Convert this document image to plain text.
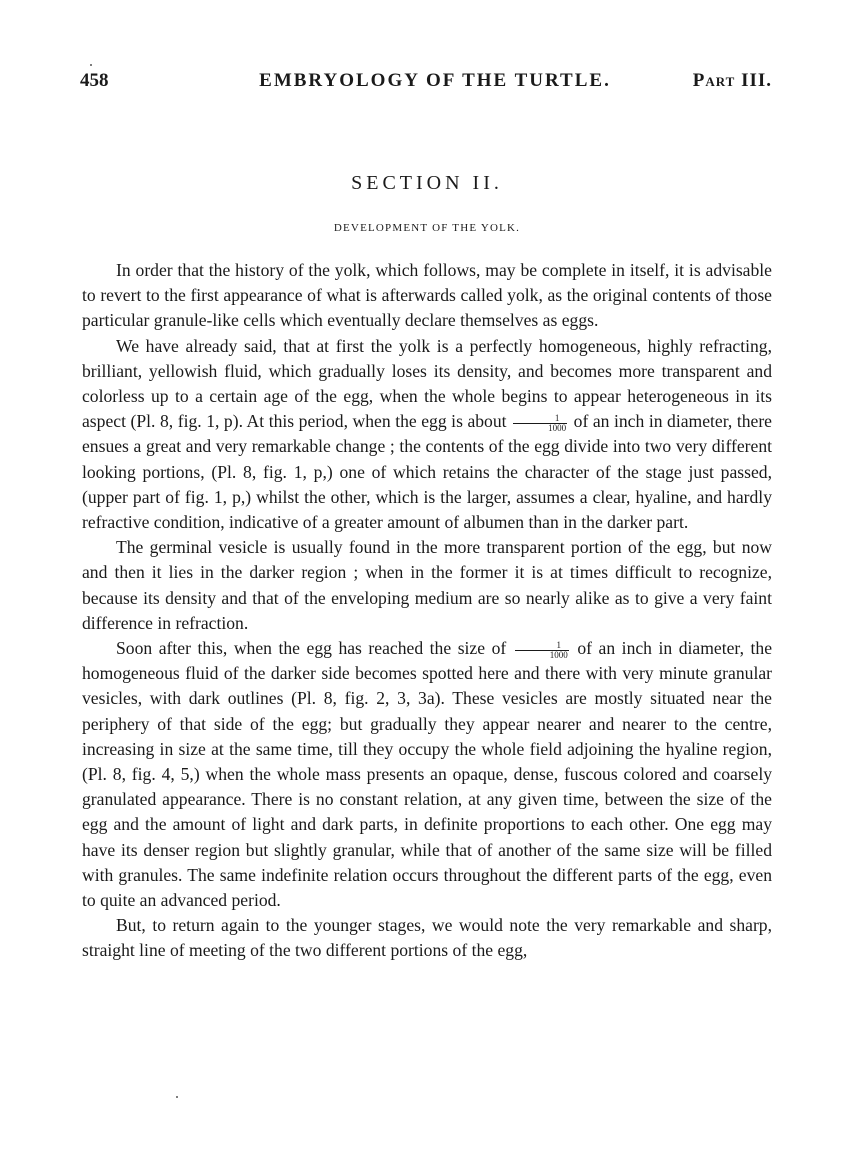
458	EMBRYOLOGY OF THE TURTLE.	Part III.
SECTION II.
DEVELOPMENT OF THE YOLK.

In order that the history of the yolk, which follows, may be complete in itself, it is advisable to revert to the first appearance of what is afterwards called yolk, as the original contents of those particular granule-like cells which eventually declare themselves as eggs.

We have already said, that at first the yolk is a perfectly homogeneous, highly refracting, brilliant, yellowish fluid, which gradually loses its density, and becomes more transparent and colorless up to a certain age of the egg, when the whole begins to appear heterogeneous in its aspect (Pl. 8, fig. 1, p). At this period, when the egg is about $\frac{1}{1000}$ of an inch in diameter, there ensues a great and very remarkable change ; the contents of the egg divide into two very different looking portions, (Pl. 8, fig. 1, p,) one of which retains the character of the stage just passed, (upper part of fig. 1, p,) whilst the other, which is the larger, assumes a clear, hyaline, and hardly refractive condition, indicative of a greater amount of albumen than in the darker part.

The germinal vesicle is usually found in the more transparent portion of the egg, but now and then it lies in the darker region ; when in the former it is at times difficult to recognize, because its density and that of the enveloping medium are so nearly alike as to give a very faint difference in refraction.

Soon after this, when the egg has reached the size of $\frac{1}{1000}$ of an inch in diameter, the homogeneous fluid of the darker side becomes spotted here and there with very minute granular vesicles, with dark outlines (Pl. 8, fig. 2, 3, 3a). These vesicles are mostly situated near the periphery of that side of the egg; but gradually they appear nearer and nearer to the centre, increasing in size at the same time, till they occupy the whole field adjoining the hyaline region, (Pl. 8, fig. 4, 5,) when the whole mass presents an opaque, dense, fuscous colored and coarsely granulated appearance. There is no constant relation, at any given time, between the size of the egg and the amount of light and dark parts, in definite proportions to each other. One egg may have its denser region but slightly granular, while that of another of the same size will be filled with granules. The same indefinite relation occurs throughout the different parts of the egg, even to quite an advanced period.

But, to return again to the younger stages, we would note the very remarkable and sharp, straight line of meeting of the two different portions of the egg,
